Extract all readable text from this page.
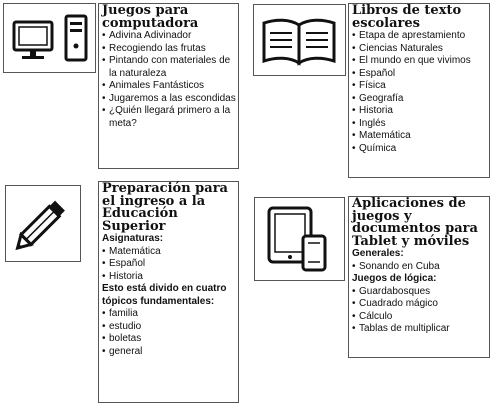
Juegos para computadora
• Adivina Adivinador
• Recogiendo las frutas
• Pintando con materiales de la naturaleza
• Animales Fantásticos
• Jugaremos a las escondidas
• ¿Quién llegará primero a la meta?
Libros de texto escolares
• Etapa de aprestamiento
• Ciencias Naturales
• El mundo en que vivimos
• Español
• Física
• Geografía
• Historia
• Inglés
• Matemática
• Química
Preparación para el ingreso a la Educación Superior
Asignaturas:
• Matemática
• Español
• Historia
Esto está divido en cuatro tópicos fundamentales:
• familia
• estudio
• boletas
• general
Aplicaciones de juegos y documentos para Tablet y móviles
Generales:
• Sonando en Cuba
Juegos de lógica:
• Guardabosques
• Cuadrado mágico
• Cálculo
• Tablas de multiplicar
